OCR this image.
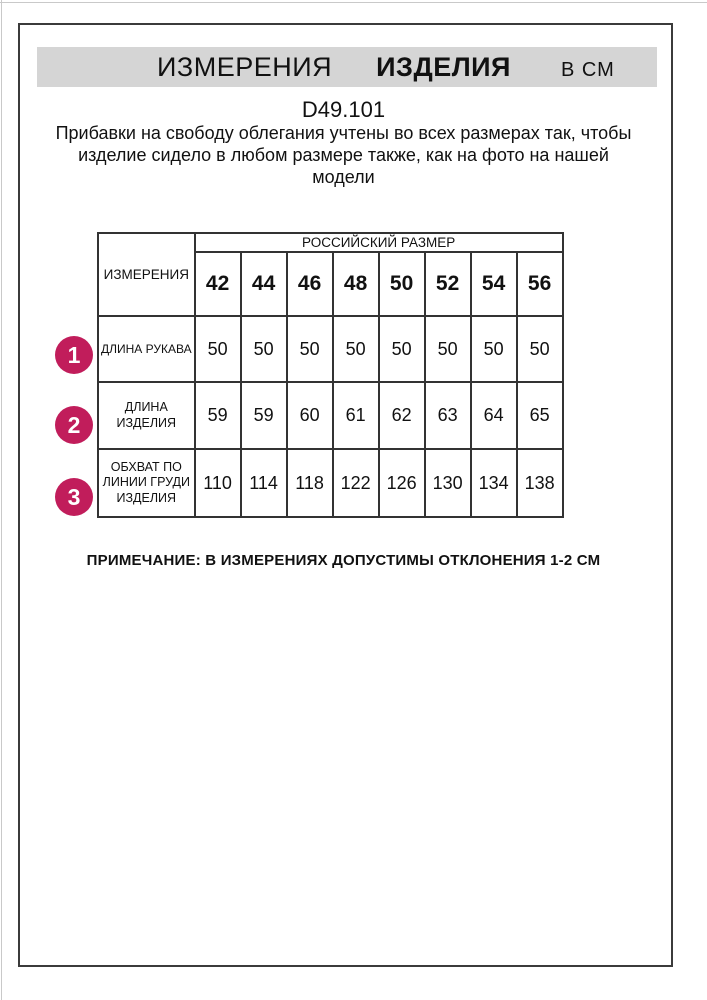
ИЗМЕРЕНИЯ ИЗДЕЛИЯ	В СМ
D49.101
Прибавки на свободу облегания учтены во всех размерах так, чтобы
изделие сидело в любом размере также, как на фото на нашей
модели
ИЗМЕРЕНИЯ	РОССИЙСКИЙ РАЗМЕР							
	42	44	46	48	50	52	54	56
ДЛИНА РУКАВА	50	50	50	50	50	50	50	50
ДЛИНА ИЗДЕЛИЯ	59	59	60	61	62	63	64	65
ОБХВАТ ПО ЛИНИИ ГРУДИ ИЗДЕЛИЯ	110	114	118	122	126	130	134	138
1
2
3
ПРИМЕЧАНИЕ: В ИЗМЕРЕНИЯХ ДОПУСТИМЫ ОТКЛОНЕНИЯ 1-2 СМ
